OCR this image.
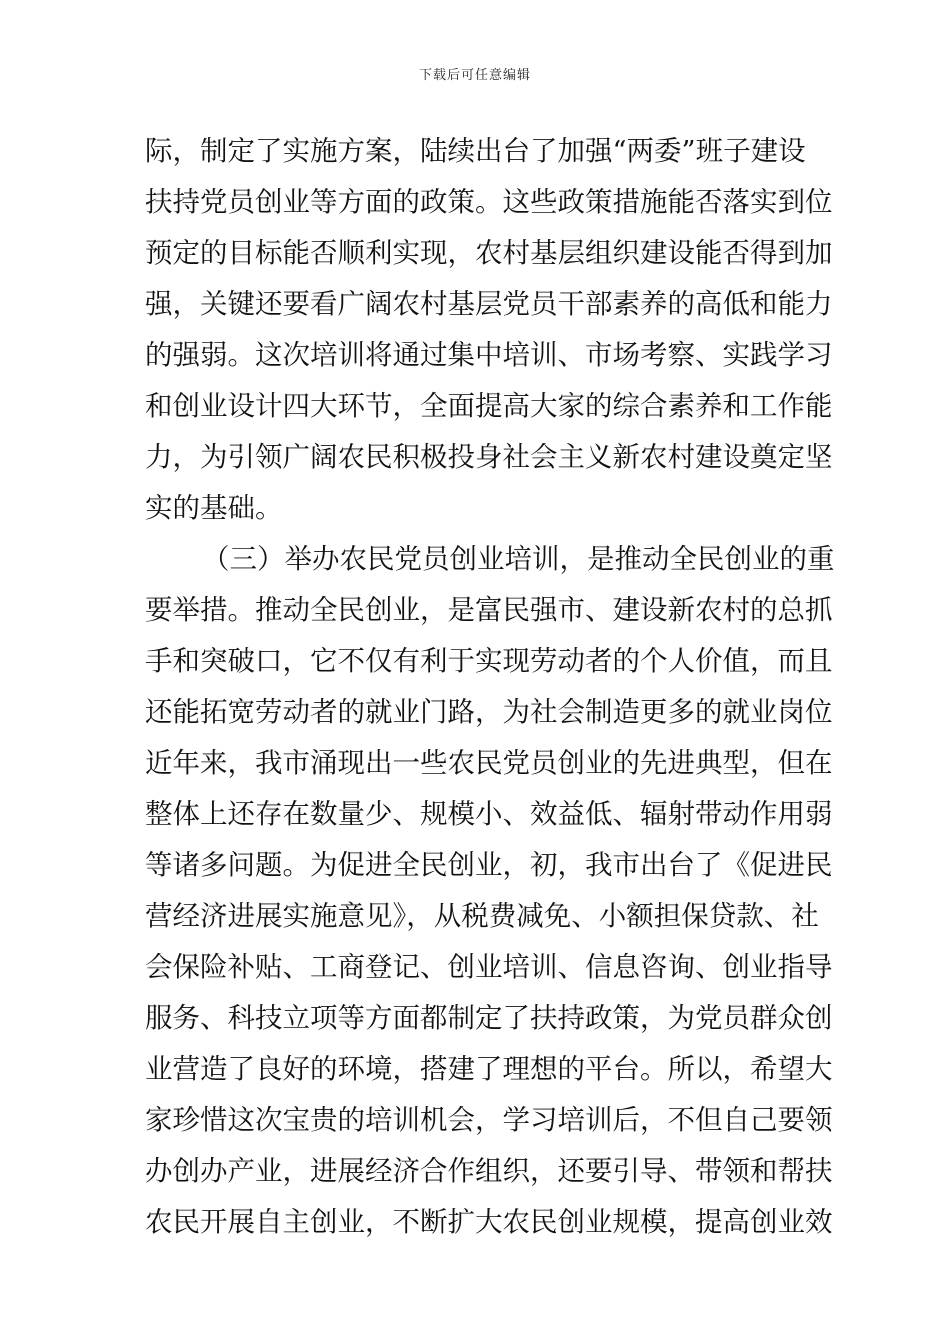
下载后可任意编辑
际，制定了实施方案，陆续出台了加强“两委”班子建设
扶持党员创业等方面的政策。这些政策措施能否落实到位
预定的目标能否顺利实现，农村基层组织建设能否得到加
强，关键还要看广阔农村基层党员干部素养的高低和能力
的强弱。这次培训将通过集中培训、市场考察、实践学习
和创业设计四大环节，全面提高大家的综合素养和工作能
力，为引领广阔农民积极投身社会主义新农村建设奠定坚
实的基础。
（三）举办农民党员创业培训，是推动全民创业的重
要举措。推动全民创业，是富民强市、建设新农村的总抓
手和突破口，它不仅有利于实现劳动者的个人价值，而且
还能拓宽劳动者的就业门路，为社会制造更多的就业岗位
近年来，我市涌现出一些农民党员创业的先进典型，但在
整体上还存在数量少、规模小、效益低、辐射带动作用弱
等诸多问题。为促进全民创业，初，我市出台了《促进民
营经济进展实施意见》，从税费减免、小额担保贷款、社
会保险补贴、工商登记、创业培训、信息咨询、创业指导
服务、科技立项等方面都制定了扶持政策，为党员群众创
业营造了良好的环境，搭建了理想的平台。所以，希望大
家珍惜这次宝贵的培训机会，学习培训后，不但自己要领
办创办产业，进展经济合作组织，还要引导、带领和帮扶
农民开展自主创业，不断扩大农民创业规模，提高创业效
